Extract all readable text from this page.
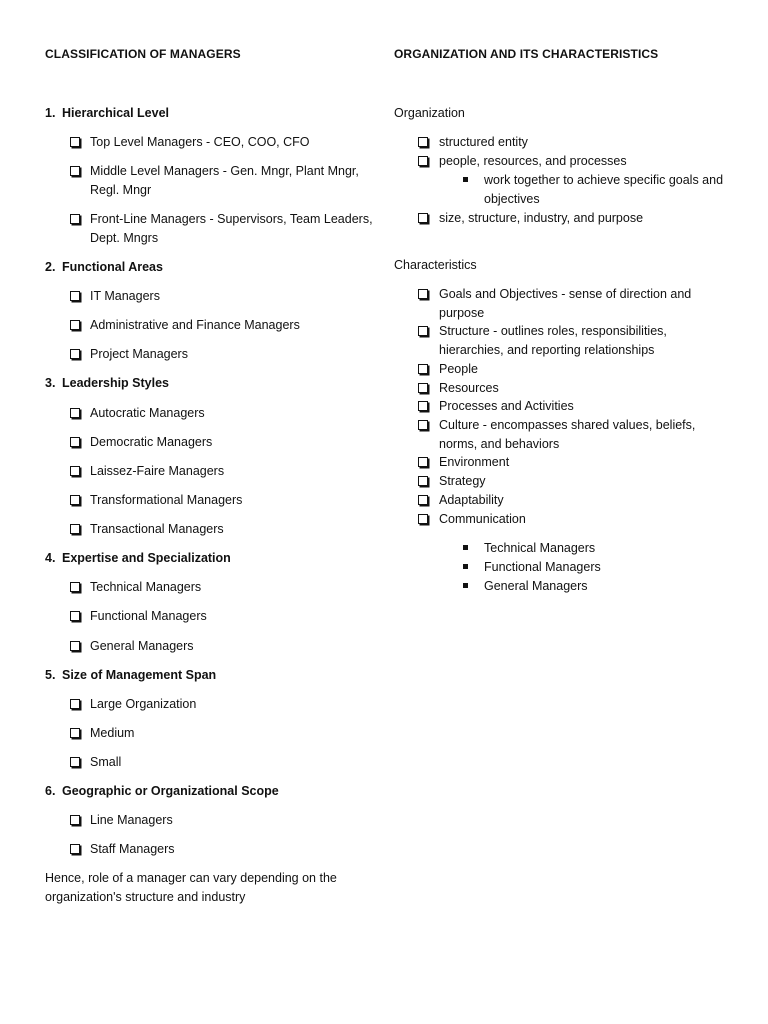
CLASSIFICATION OF MANAGERS
1. Hierarchical Level
Top Level Managers - CEO, COO, CFO
Middle Level Managers - Gen. Mngr, Plant Mngr, Regl. Mngr
Front-Line Managers - Supervisors, Team Leaders, Dept. Mngrs
2. Functional Areas
IT Managers
Administrative and Finance Managers
Project Managers
3. Leadership Styles
Autocratic Managers
Democratic Managers
Laissez-Faire Managers
Transformational Managers
Transactional Managers
4. Expertise and Specialization
Technical Managers
Functional Managers
General Managers
5. Size of Management Span
Large Organization
Medium
Small
6. Geographic or Organizational Scope
Line Managers
Staff Managers
Hence, role of a manager can vary depending on the organization's structure and industry
ORGANIZATION AND ITS CHARACTERISTICS
Organization
structured entity
people, resources, and processes
work together to achieve specific goals and objectives
size, structure, industry, and purpose
Characteristics
Goals and Objectives - sense of direction and purpose
Structure - outlines roles, responsibilities, hierarchies, and reporting relationships
People
Resources
Processes and Activities
Culture - encompasses shared values, beliefs, norms, and behaviors
Environment
Strategy
Adaptability
Communication
Technical Managers
Functional Managers
General Managers
